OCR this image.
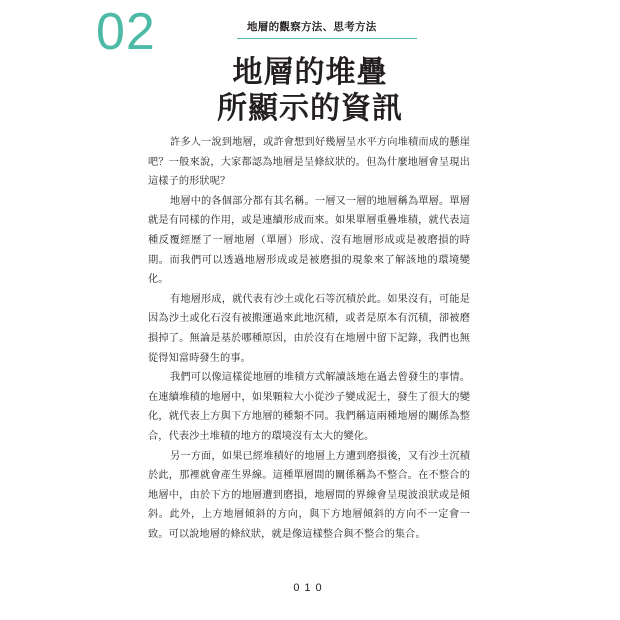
02	地層的觀察方法、思考方法
地層的堆疊
所顯示的資訊

許多人一說到地層，或許會想到好幾層呈水平方向堆積而成的懸崖吧？一般來說，大家都認為地層是呈條紋狀的。但為什麼地層會呈現出這樣子的形狀呢？

地層中的各個部分都有其名稱。一層又一層的地層稱為單層。單層就是有同樣的作用，或是連續形成而來。如果單層重疊堆積，就代表這種反覆經歷了一層地層（單層）形成、沒有地層形成或是被磨損的時期。而我們可以透過地層形成或是被磨損的現象來了解該地的環境變化。

有地層形成，就代表有沙土或化石等沉積於此。如果沒有，可能是因為沙土或化石沒有被搬運過來此地沉積，或者是原本有沉積，卻被磨損掉了。無論是基於哪種原因，由於沒有在地層中留下記錄，我們也無從得知當時發生的事。

我們可以像這樣從地層的堆積方式解讀該地在過去曾發生的事情。在連續堆積的地層中，如果顆粒大小從沙子變成泥土，發生了很大的變化，就代表上方與下方地層的種類不同。我們稱這兩種地層的關係為整合，代表沙土堆積的地方的環境沒有太大的變化。

另一方面，如果已經堆積好的地層上方遭到磨損後，又有沙土沉積於此，那裡就會產生界線。這種單層間的關係稱為不整合。在不整合的地層中，由於下方的地層遭到磨損，地層間的界線會呈現波浪狀或是傾斜。此外，上方地層傾斜的方向，與下方地層傾斜的方向不一定會一致。可以說地層的條紋狀，就是像這樣整合與不整合的集合。

010
